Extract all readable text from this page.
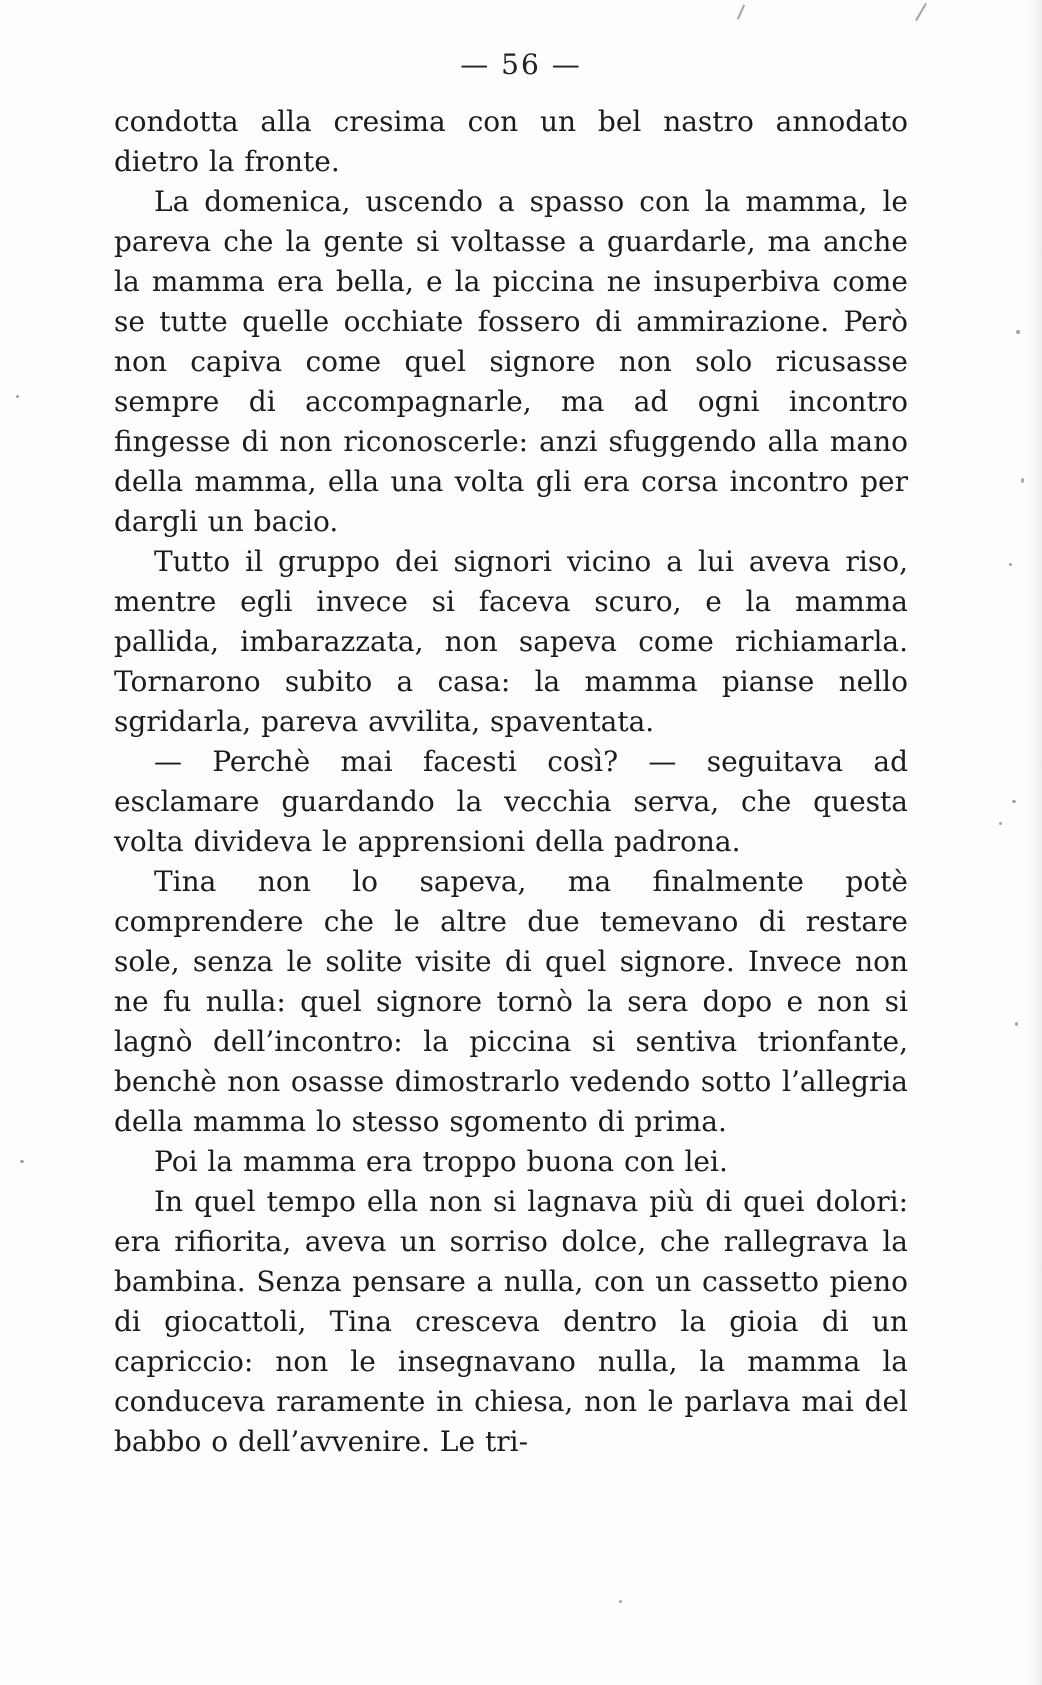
— 56 —

condotta alla cresima con un bel nastro annodato dietro la fronte.

La domenica, uscendo a spasso con la mamma, le pareva che la gente si voltasse a guardarle, ma anche la mamma era bella, e la piccina ne insuperbiva come se tutte quelle occhiate fossero di ammirazione. Però non capiva come quel signore non solo ricusasse sempre di accompagnarle, ma ad ogni incontro fingesse di non riconoscerle: anzi sfuggendo alla mano della mamma, ella una volta gli era corsa incontro per dargli un bacio.

Tutto il gruppo dei signori vicino a lui aveva riso, mentre egli invece si faceva scuro, e la mamma pallida, imbarazzata, non sapeva come richiamarla. Tornarono subito a casa: la mamma pianse nello sgridarla, pareva avvilita, spaventata.

— Perchè mai facesti così? — seguitava ad esclamare guardando la vecchia serva, che questa volta divideva le apprensioni della padrona.

Tina non lo sapeva, ma finalmente potè comprendere che le altre due temevano di restare sole, senza le solite visite di quel signore. Invece non ne fu nulla: quel signore tornò la sera dopo e non si lagnò dell’incontro: la piccina si sentiva trionfante, benchè non osasse dimostrarlo vedendo sotto l’allegria della mamma lo stesso sgomento di prima.

Poi la mamma era troppo buona con lei.

In quel tempo ella non si lagnava più di quei dolori: era rifiorita, aveva un sorriso dolce, che rallegrava la bambina. Senza pensare a nulla, con un cassetto pieno di giocattoli, Tina cresceva dentro la gioia di un capriccio: non le insegnavano nulla, la mamma la conduceva raramente in chiesa, non le parlava mai del babbo o dell’avvenire. Le tri-
